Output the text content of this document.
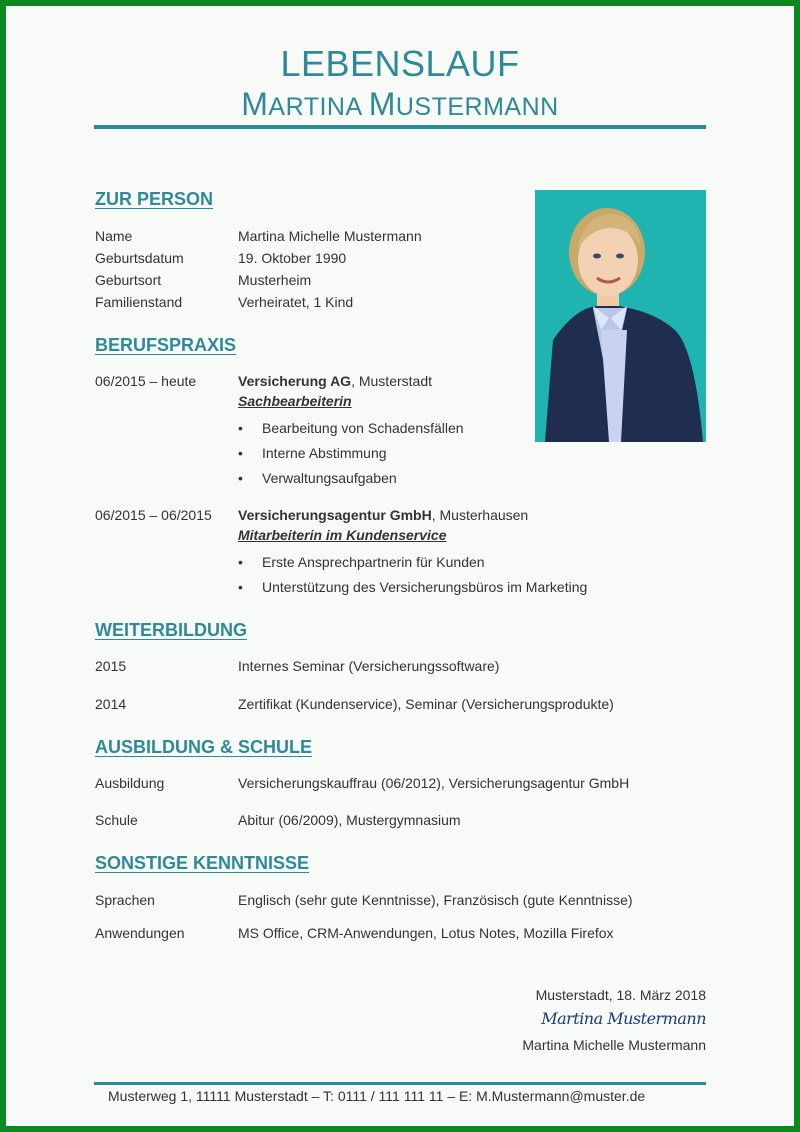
LEBENSLAUF
MARTINA MUSTERMANN
ZUR PERSON
Name	Martina Michelle Mustermann
Geburtsdatum	19. Oktober 1990
Geburtsort	Musterheim
Familienstand	Verheiratet, 1 Kind
BERUFSPRAXIS
06/2015 – heute	Versicherung AG, Musterstadt
Sachbearbeiterin
• Bearbeitung von Schadensfällen
• Interne Abstimmung
• Verwaltungsaufgaben
06/2015 – 06/2015 Versicherungsagentur GmbH, Musterhausen
Mitarbeiterin im Kundenservice
• Erste Ansprechpartnerin für Kunden
• Unterstützung des Versicherungsbüros im Marketing
WEITERBILDUNG
2015	Internes Seminar (Versicherungssoftware)
2014	Zertifikat (Kundenservice), Seminar (Versicherungsprodukte)
AUSBILDUNG & SCHULE
Ausbildung	Versicherungskauffrau (06/2012), Versicherungsagentur GmbH
Schule	Abitur (06/2009), Mustergymnasium
SONSTIGE KENNTNISSE
Sprachen	Englisch (sehr gute Kenntnisse), Französisch (gute Kenntnisse)
Anwendungen	MS Office, CRM-Anwendungen, Lotus Notes, Mozilla Firefox
Musterstadt, 18. März 2018
Martina Mustermann
Martina Michelle Mustermann
Musterweg 1, 11111 Musterstadt – T: 0111 / 111 111 11 – E: M.Mustermann@muster.de
